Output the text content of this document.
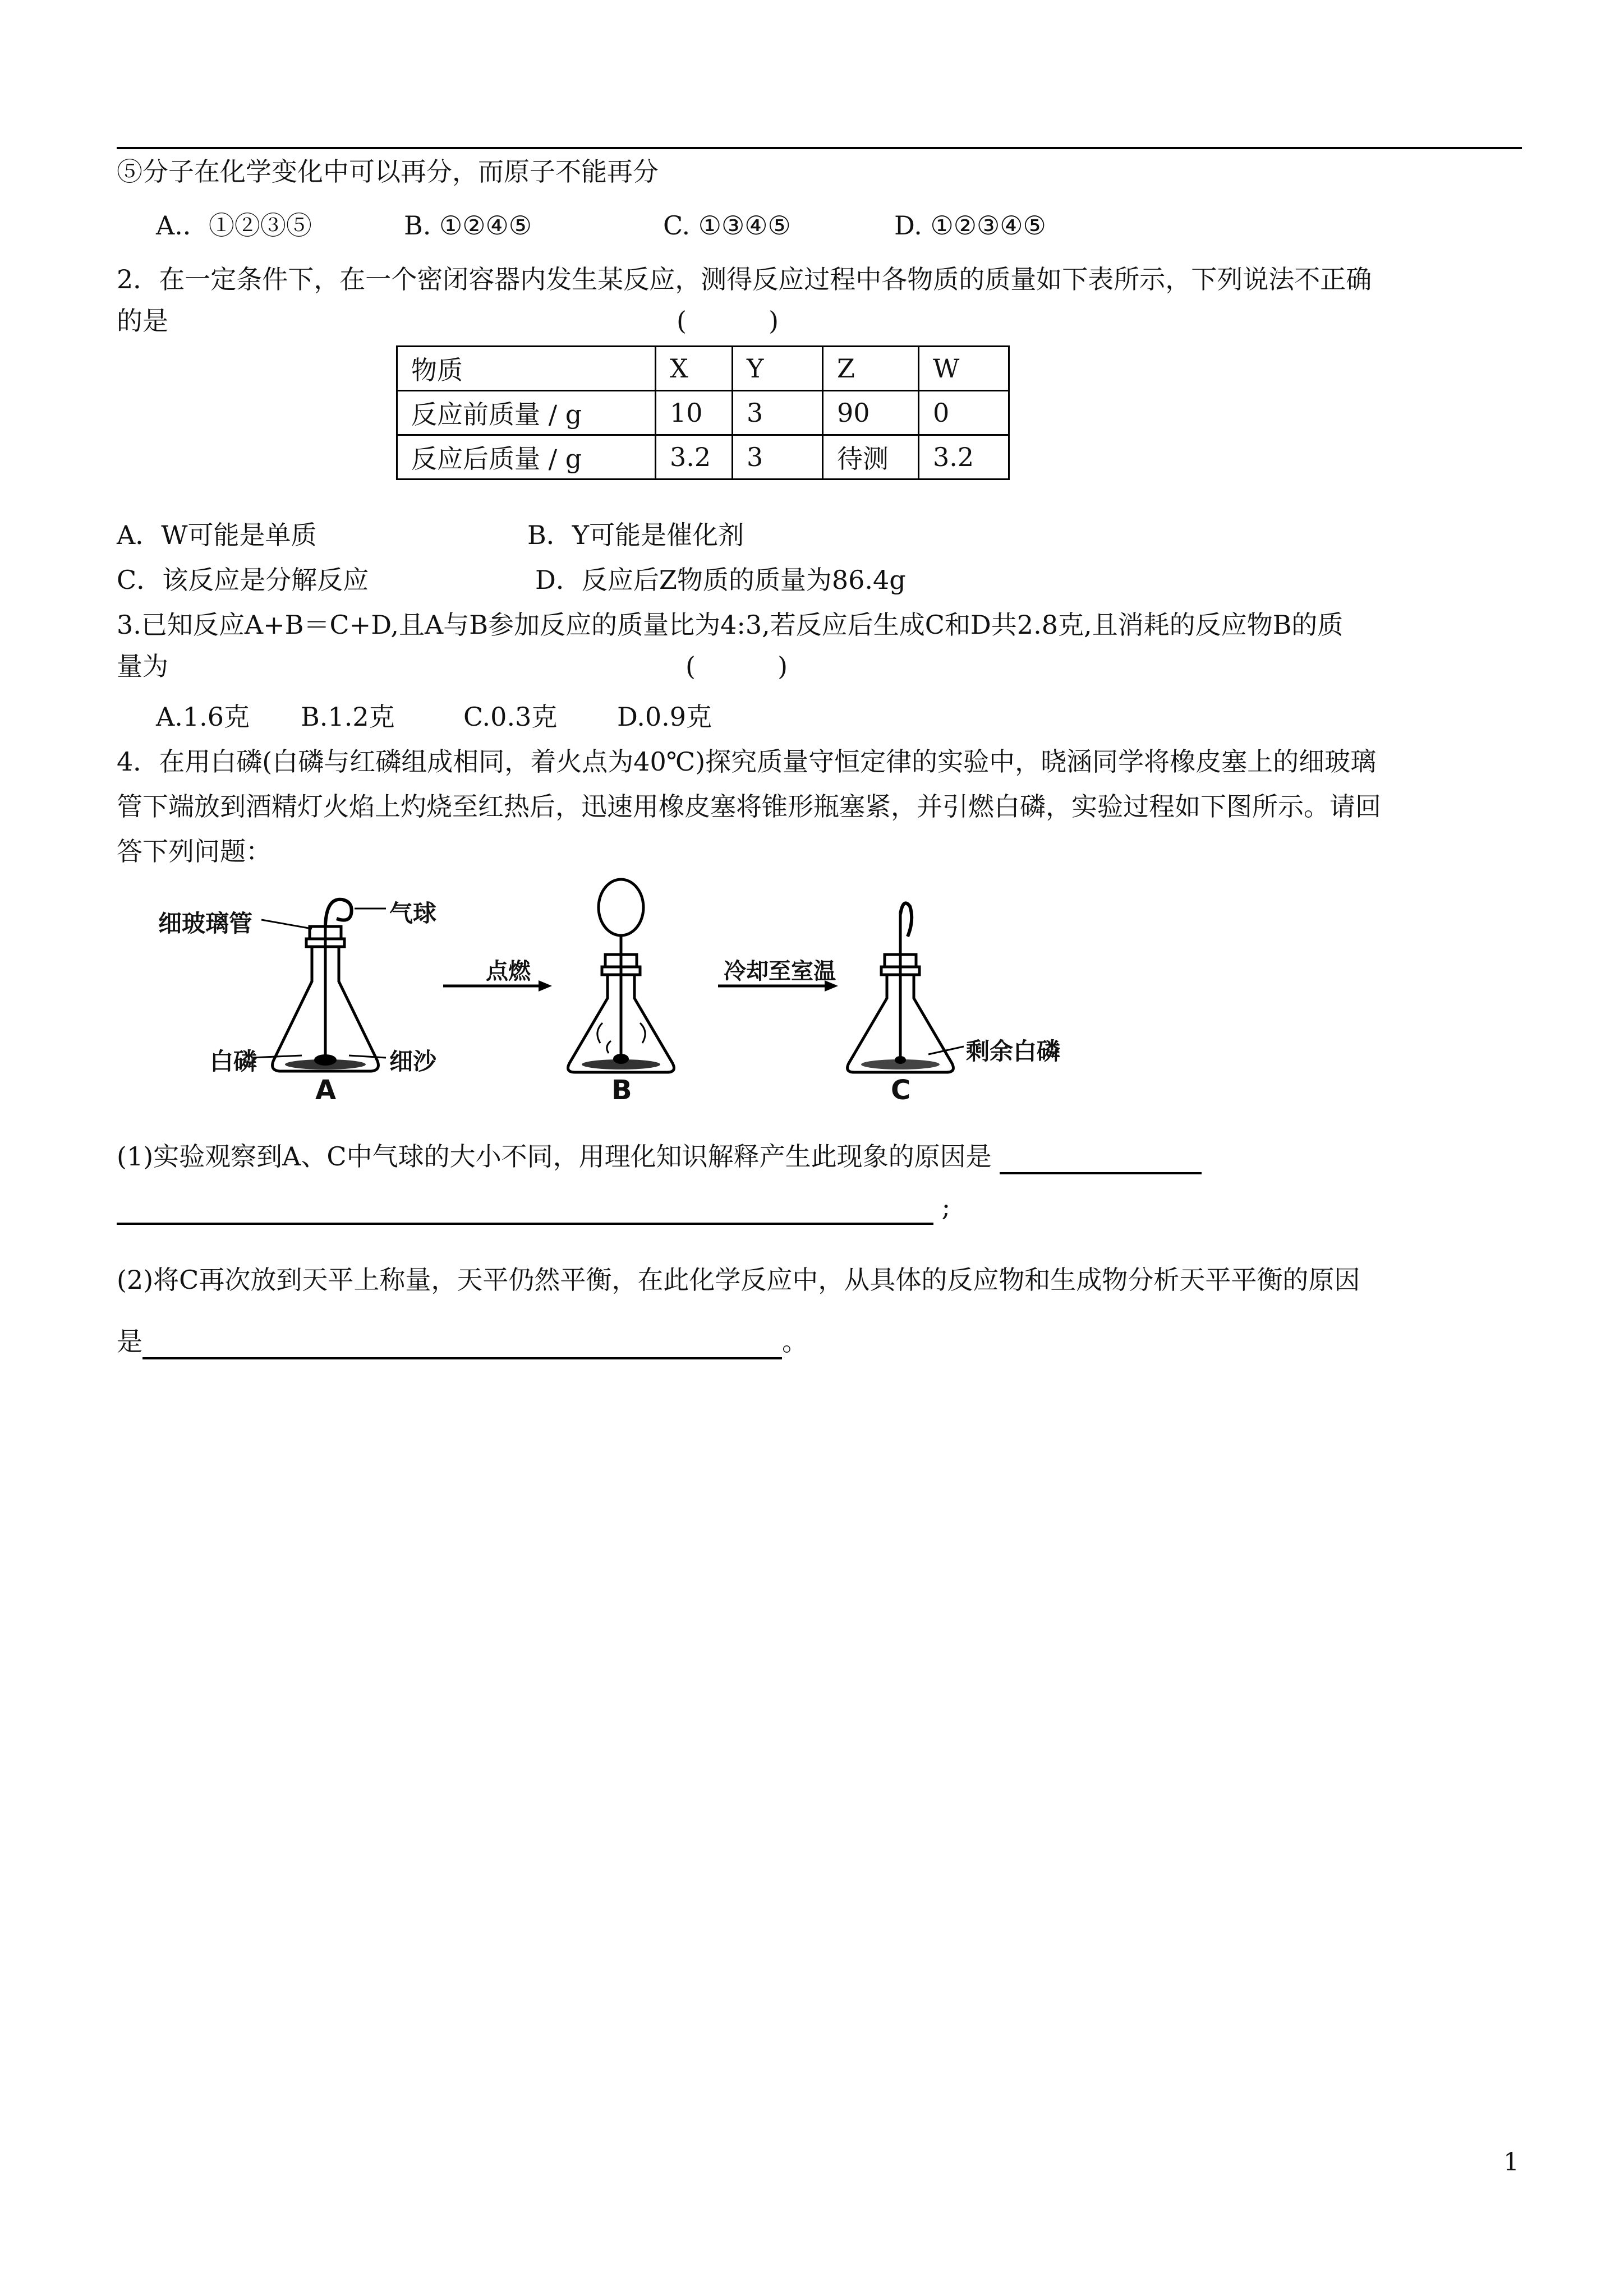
⑤分子在化学变化中可以再分，而原子不能再分
A.．①②③⑤	B. ①②④⑤	C. ①③④⑤	D. ①②③④⑤
2．在一定条件下，在一个密闭容器内发生某反应，测得反应过程中各物质的质量如下表所示，下列说法不正确
的是	(          )
物质	X	Y	Z	W
反应前质量 / g	10	3	90	0
反应后质量 / g	3.2	3	待测	3.2
A．W可能是单质	B．Y可能是催化剂
C．该反应是分解反应	D．反应后Z物质的质量为86.4g
3.已知反应A+B＝C+D,且A与B参加反应的质量比为4:3,若反应后生成C和D共2.8克,且消耗的反应物B的质
量为	(          )
A.1.6克 B.1.2克	C.0.3克 D.0.9克
4．在用白磷(白磷与红磷组成相同，着火点为40℃)探究质量守恒定律的实验中，晓涵同学将橡皮塞上的细玻璃
管下端放到酒精灯火焰上灼烧至红热后，迅速用橡皮塞将锥形瓶塞紧，并引燃白磷，实验过程如下图所示。请回
答下列问题：
细玻璃管	气球
点燃	冷却至室温
白磷	细沙	剩余白磷
A	B	C
(1)实验观察到A、C中气球的大小不同，用理化知识解释产生此现象的原因是
;
(2)将C再次放到天平上称量，天平仍然平衡，在此化学反应中，从具体的反应物和生成物分析天平平衡的原因
是	。
1
